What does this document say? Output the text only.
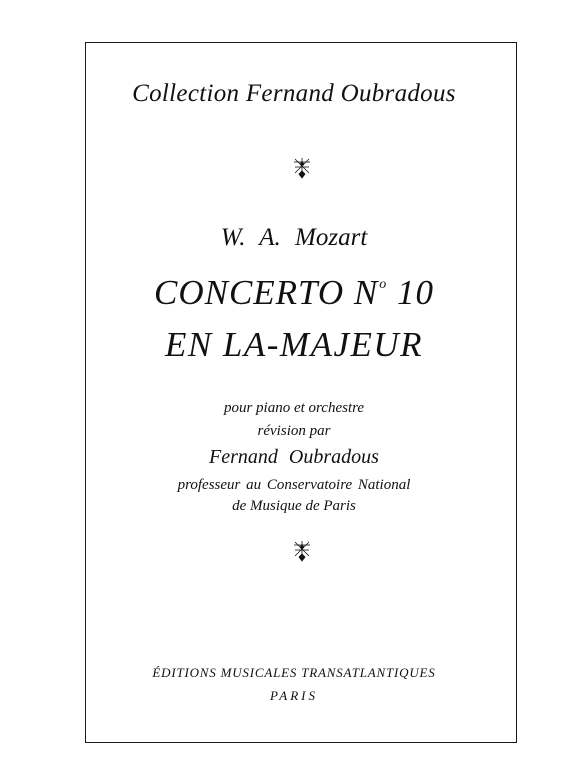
Collection Fernand Oubradous
W. A. Mozart
CONCERTO $N^o$ 10
EN LA-MAJEUR
pour piano et orchestre
révision par
Fernand Oubradous
professeur au Conservatoire National
de Musique de Paris
ÉDITIONS MUSICALES TRANSATLANTIQUES
PARIS
